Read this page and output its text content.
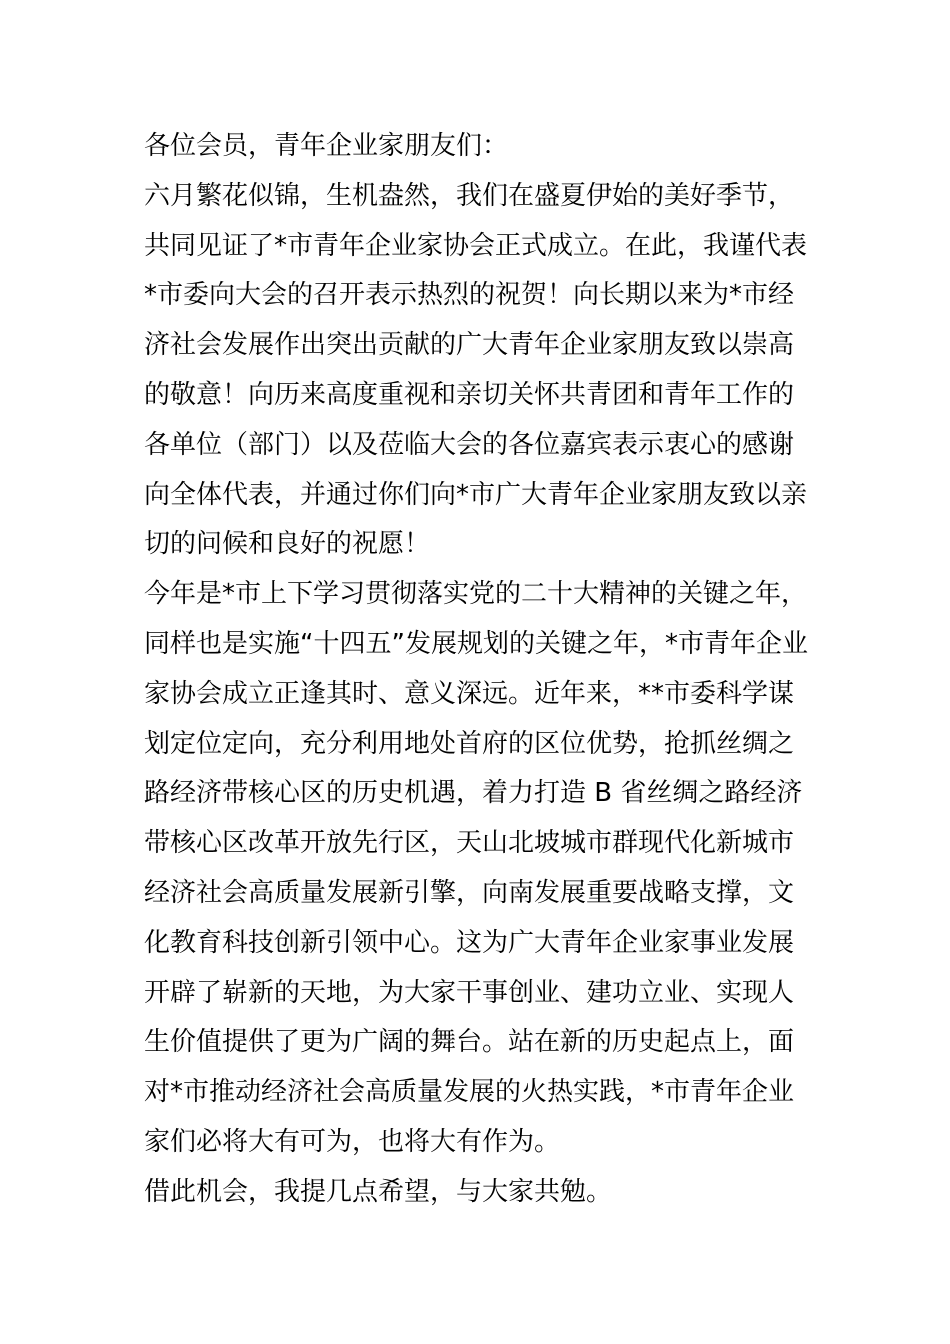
各位会员，青年企业家朋友们：
六月繁花似锦，生机盎然，我们在盛夏伊始的美好季节，
共同见证了*市青年企业家协会正式成立。在此，我谨代表
*市委向大会的召开表示热烈的祝贺！向长期以来为*市经
济社会发展作出突出贡献的广大青年企业家朋友致以崇高
的敬意！向历来高度重视和亲切关怀共青团和青年工作的
各单位（部门）以及莅临大会的各位嘉宾表示衷心的感谢
向全体代表，并通过你们向*市广大青年企业家朋友致以亲
切的问候和良好的祝愿！
今年是*市上下学习贯彻落实党的二十大精神的关键之年，
同样也是实施“十四五”发展规划的关键之年，*市青年企业
家协会成立正逢其时、意义深远。近年来，**市委科学谋
划定位定向，充分利用地处首府的区位优势，抢抓丝绸之
路经济带核心区的历史机遇，着力打造 B 省丝绸之路经济
带核心区改革开放先行区，天山北坡城市群现代化新城市
经济社会高质量发展新引擎，向南发展重要战略支撑，文
化教育科技创新引领中心。这为广大青年企业家事业发展
开辟了崭新的天地，为大家干事创业、建功立业、实现人
生价值提供了更为广阔的舞台。站在新的历史起点上，面
对*市推动经济社会高质量发展的火热实践，*市青年企业
家们必将大有可为，也将大有作为。
借此机会，我提几点希望，与大家共勉。
